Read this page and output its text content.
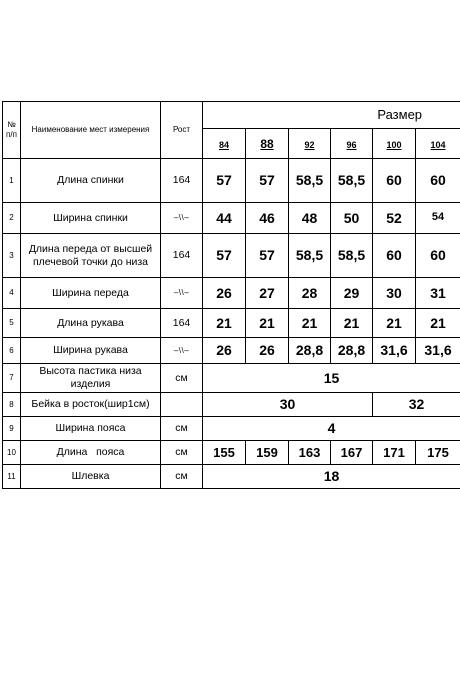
№
п/п	Наименование мест измерения	Рост	Размер					
			84	88	92	96	100	104
1	Длина спинки	164	57	57	58,5	58,5	60	60
2	Ширина спинки	–\\–	44	46	48	50	52	54
3	Длина переда от высшей плечевой точки до низа	164	57	57	58,5	58,5	60	60
4	Ширина переда	–\\–	26	27	28	29	30	31
5	Длина рукава	164	21	21	21	21	21	21
6	Ширина рукава	–\\–	26	26	28,8	28,8	31,6	31,6
7	Высота пастика низа изделия	см	15					
8	Бейка в росток(шир1см)		30				32	
9	Ширина пояса	см	4					
10	Длина   пояса	см	155	159	163	167	171	175
11	Шлевка	см	18					
